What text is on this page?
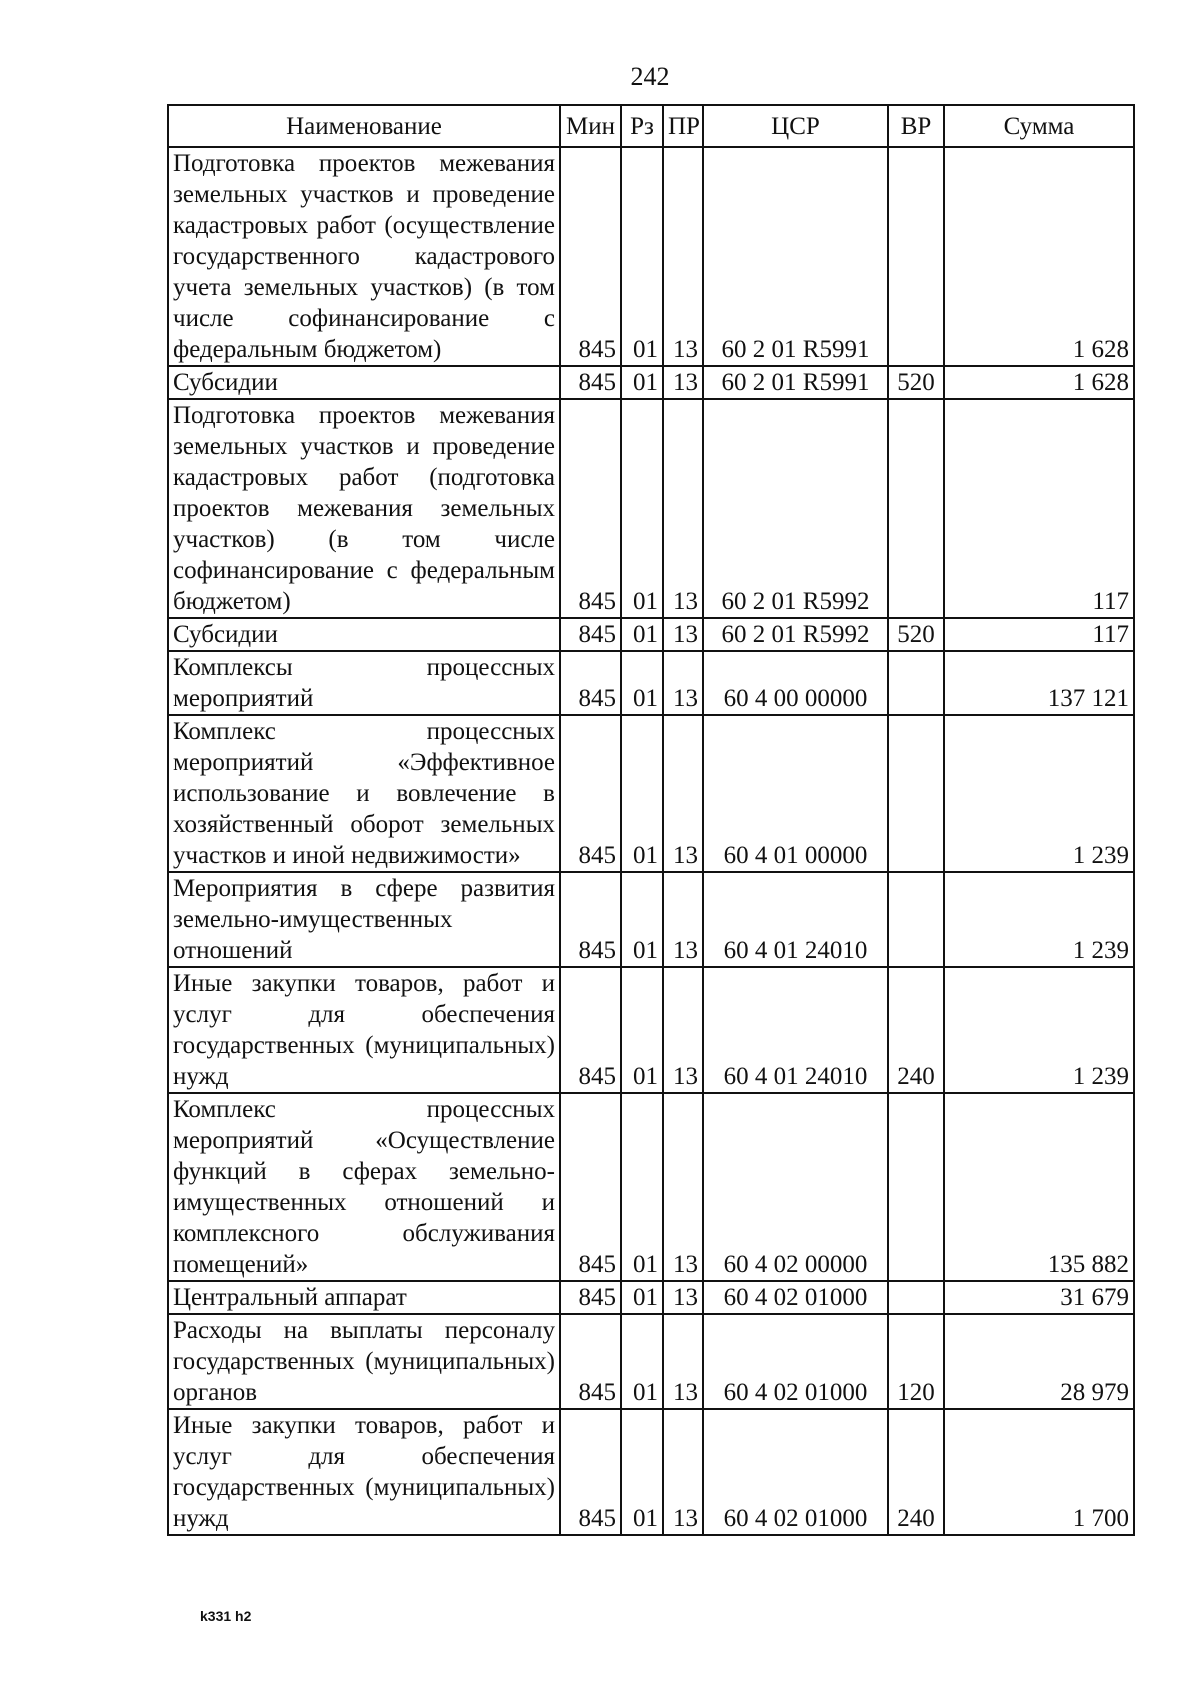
242
Наименование	Мин	Рз	ПР	ЦСР	ВР	Сумма
Подготовка проектов межевания земельных участков и проведение кадастровых работ (осуществление государственного кадастрового учета земельных участков) (в том числе софинансирование с федеральным бюджетом)	845	01	13	60 2 01 R5991		1 628
Субсидии	845	01	13	60 2 01 R5991	520	1 628
Подготовка проектов межевания земельных участков и проведение кадастровых работ (подготовка проектов межевания земельных участков) (в том числе софинансирование с федеральным бюджетом)	845	01	13	60 2 01 R5992		117
Субсидии	845	01	13	60 2 01 R5992	520	117
Комплексы процессных мероприятий	845	01	13	60 4 00 00000		137 121
Комплекс процессных мероприятий «Эффективное использование и вовлечение в хозяйственный оборот земельных участков и иной недвижимости»	845	01	13	60 4 01 00000		1 239
Мероприятия в сфере развития земельно-имущественных отношений	845	01	13	60 4 01 24010		1 239
Иные закупки товаров, работ и услуг для обеспечения государственных (муниципальных) нужд	845	01	13	60 4 01 24010	240	1 239
Комплекс процессных мероприятий «Осуществление функций в сферах земельно-имущественных отношений и комплексного обслуживания помещений»	845	01	13	60 4 02 00000		135 882
Центральный аппарат	845	01	13	60 4 02 01000		31 679
Расходы на выплаты персоналу государственных (муниципальных) органов	845	01	13	60 4 02 01000	120	28 979
Иные закупки товаров, работ и услуг для обеспечения государственных (муниципальных) нужд	845	01	13	60 4 02 01000	240	1 700
k331 h2
